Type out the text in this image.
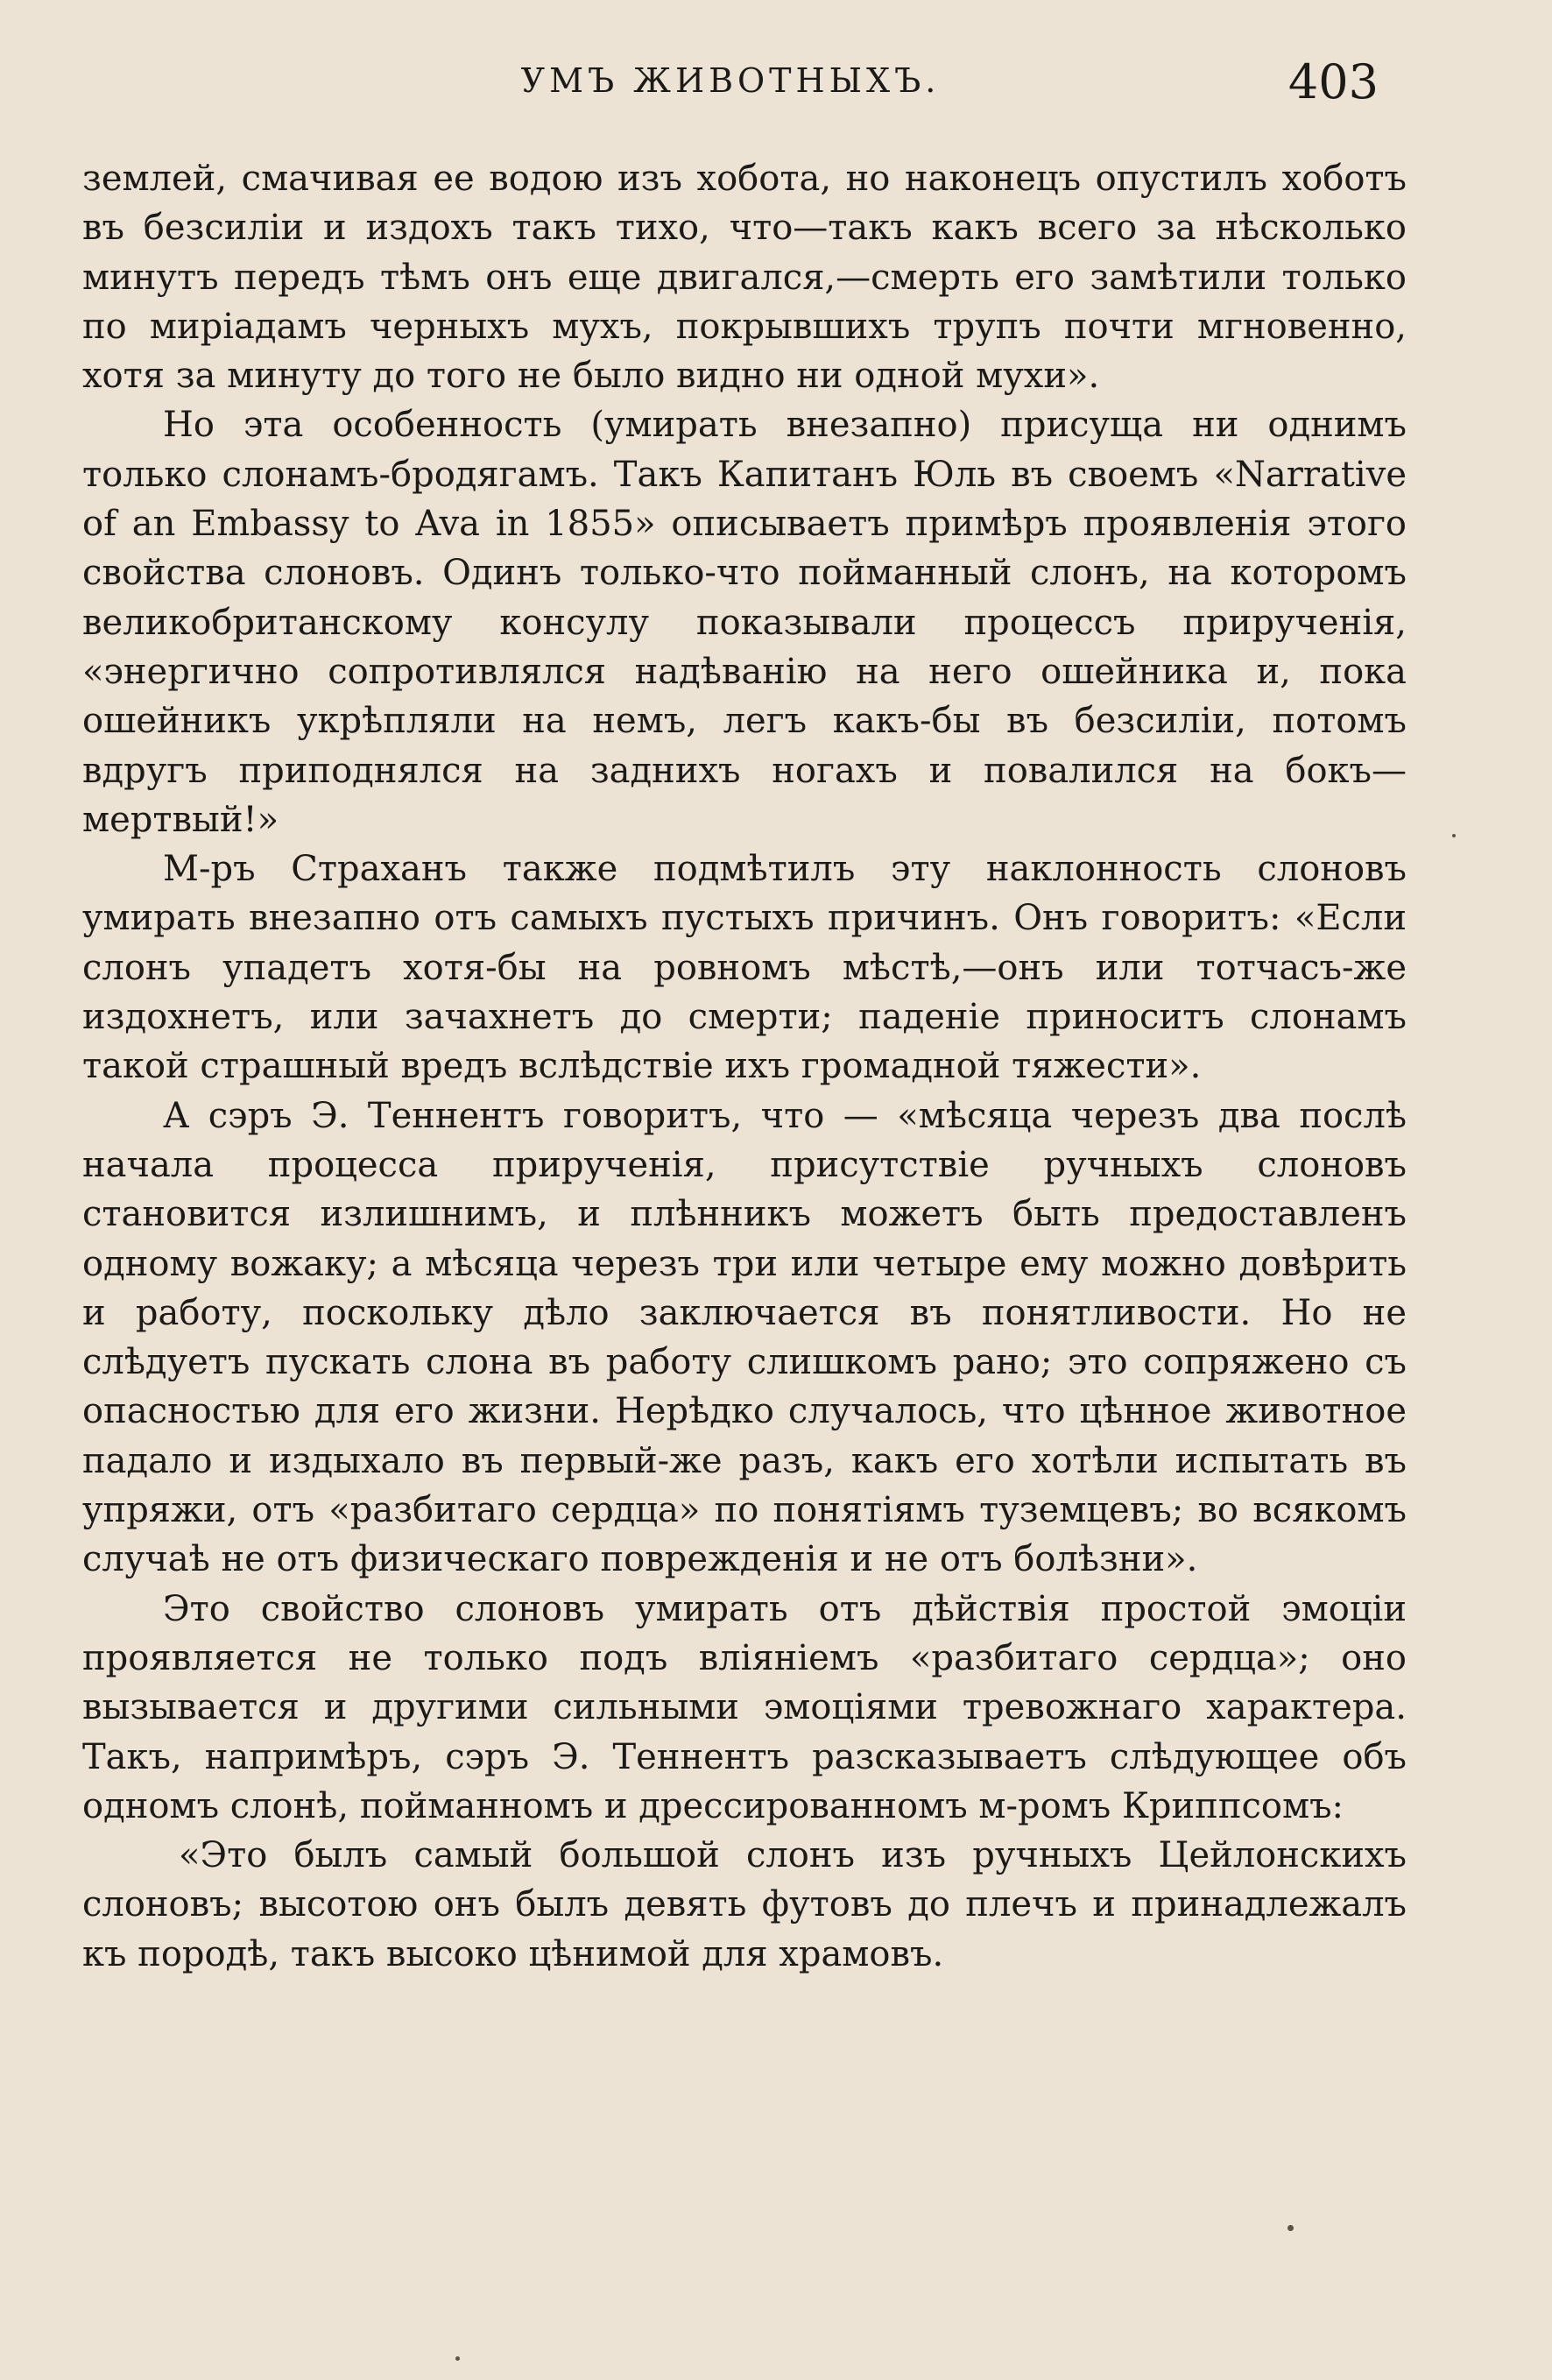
УМЪ ЖИВОТНЫХЪ.	403

землей, смачивая ее водою изъ хобота, но наконецъ опустилъ хоботъ въ безсиліи и издохъ такъ тихо, что—такъ какъ всего за нѣсколько минутъ передъ тѣмъ онъ еще двигался,—смерть его замѣтили только по миріадамъ черныхъ мухъ, покрывшихъ трупъ почти мгновенно, хотя за минуту до того не было видно ни одной мухи».

Но эта особенность (умирать внезапно) присуща ни однимъ только слонамъ-бродягамъ. Такъ Капитанъ Юль въ своемъ «Narrative of an Embassy to Ava in 1855» описываетъ примѣръ проявленія этого свойства слоновъ. Одинъ только-что пойманный слонъ, на которомъ великобританскому консулу показывали процессъ прирученія, «энергично сопротивлялся надѣванію на него ошейника и, пока ошейникъ укрѣпляли на немъ, легъ какъ-бы въ безсиліи, потомъ вдругъ приподнялся на заднихъ ногахъ и повалился на бокъ—мертвый!»

М-ръ Страханъ также подмѣтилъ эту наклонность слоновъ умирать внезапно отъ самыхъ пустыхъ причинъ. Онъ говоритъ: «Если слонъ упадетъ хотя-бы на ровномъ мѣстѣ,—онъ или тотчасъ-же издохнетъ, или зачахнетъ до смерти; паденіе приноситъ слонамъ такой страшный вредъ вслѣдствіе ихъ громадной тяжести».

А сэръ Э. Теннентъ говоритъ, что — «мѣсяца черезъ два послѣ начала процесса прирученія, присутствіе ручныхъ слоновъ становится излишнимъ, и плѣнникъ можетъ быть предоставленъ одному вожаку; а мѣсяца черезъ три или четыре ему можно довѣрить и работу, поскольку дѣло заключается въ понятливости. Но не слѣдуетъ пускать слона въ работу слишкомъ рано; это сопряжено съ опасностью для его жизни. Нерѣдко случалось, что цѣнное животное падало и издыхало въ первый-же разъ, какъ его хотѣли испытать въ упряжи, отъ «разбитаго сердца» по понятіямъ туземцевъ; во всякомъ случаѣ не отъ физическаго поврежденія и не отъ болѣзни».

Это свойство слоновъ умирать отъ дѣйствія простой эмоціи проявляется не только подъ вліяніемъ «разбитаго сердца»; оно вызывается и другими сильными эмоціями тревожнаго характера. Такъ, напримѣръ, сэръ Э. Теннентъ разсказываетъ слѣдующее объ одномъ слонѣ, пойманномъ и дрессированномъ м-ромъ Криппсомъ:

«Это былъ самый большой слонъ изъ ручныхъ Цейлонскихъ слоновъ; высотою онъ былъ девять футовъ до плечъ и принадлежалъ къ породѣ, такъ высоко цѣнимой для храмовъ.
